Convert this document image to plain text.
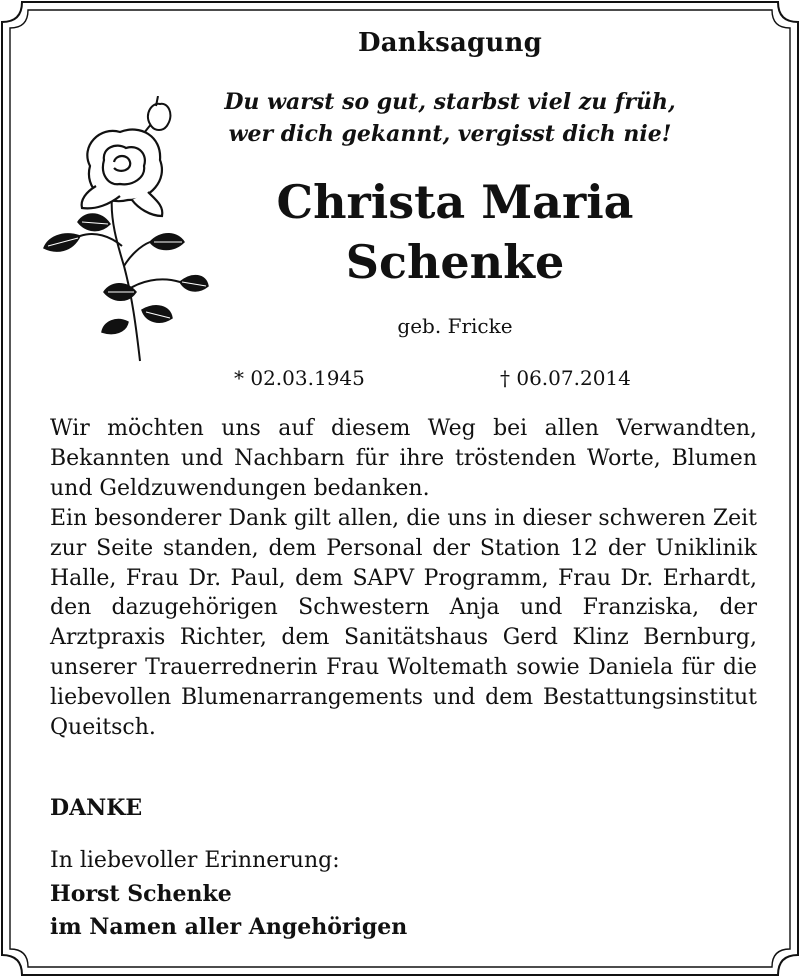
Danksagung
Du warst so gut, starbst viel zu früh,
wer dich gekannt, vergisst dich nie!
Christa Maria
Schenke
geb. Fricke
* 02.03.1945	† 06.07.2014

Wir möchten uns auf diesem Weg bei allen Verwandten, Bekannten und Nachbarn für ihre tröstenden Worte, Blumen und Geldzuwendungen bedanken.

Ein besonderer Dank gilt allen, die uns in dieser schweren Zeit zur Seite standen, dem Personal der Station 12 der Uniklinik Halle, Frau Dr. Paul, dem SAPV Programm, Frau Dr. Erhardt, den dazugehörigen Schwestern Anja und Franziska, der Arztpraxis Richter, dem Sanitätshaus Gerd Klinz Bernburg, unserer Trauerrednerin Frau Woltemath sowie Daniela für die liebevollen Blumenarrangements und dem Bestattungsinstitut Queitsch.

DANKE
In liebevoller Erinnerung:
Horst Schenke
im Namen aller Angehörigen
